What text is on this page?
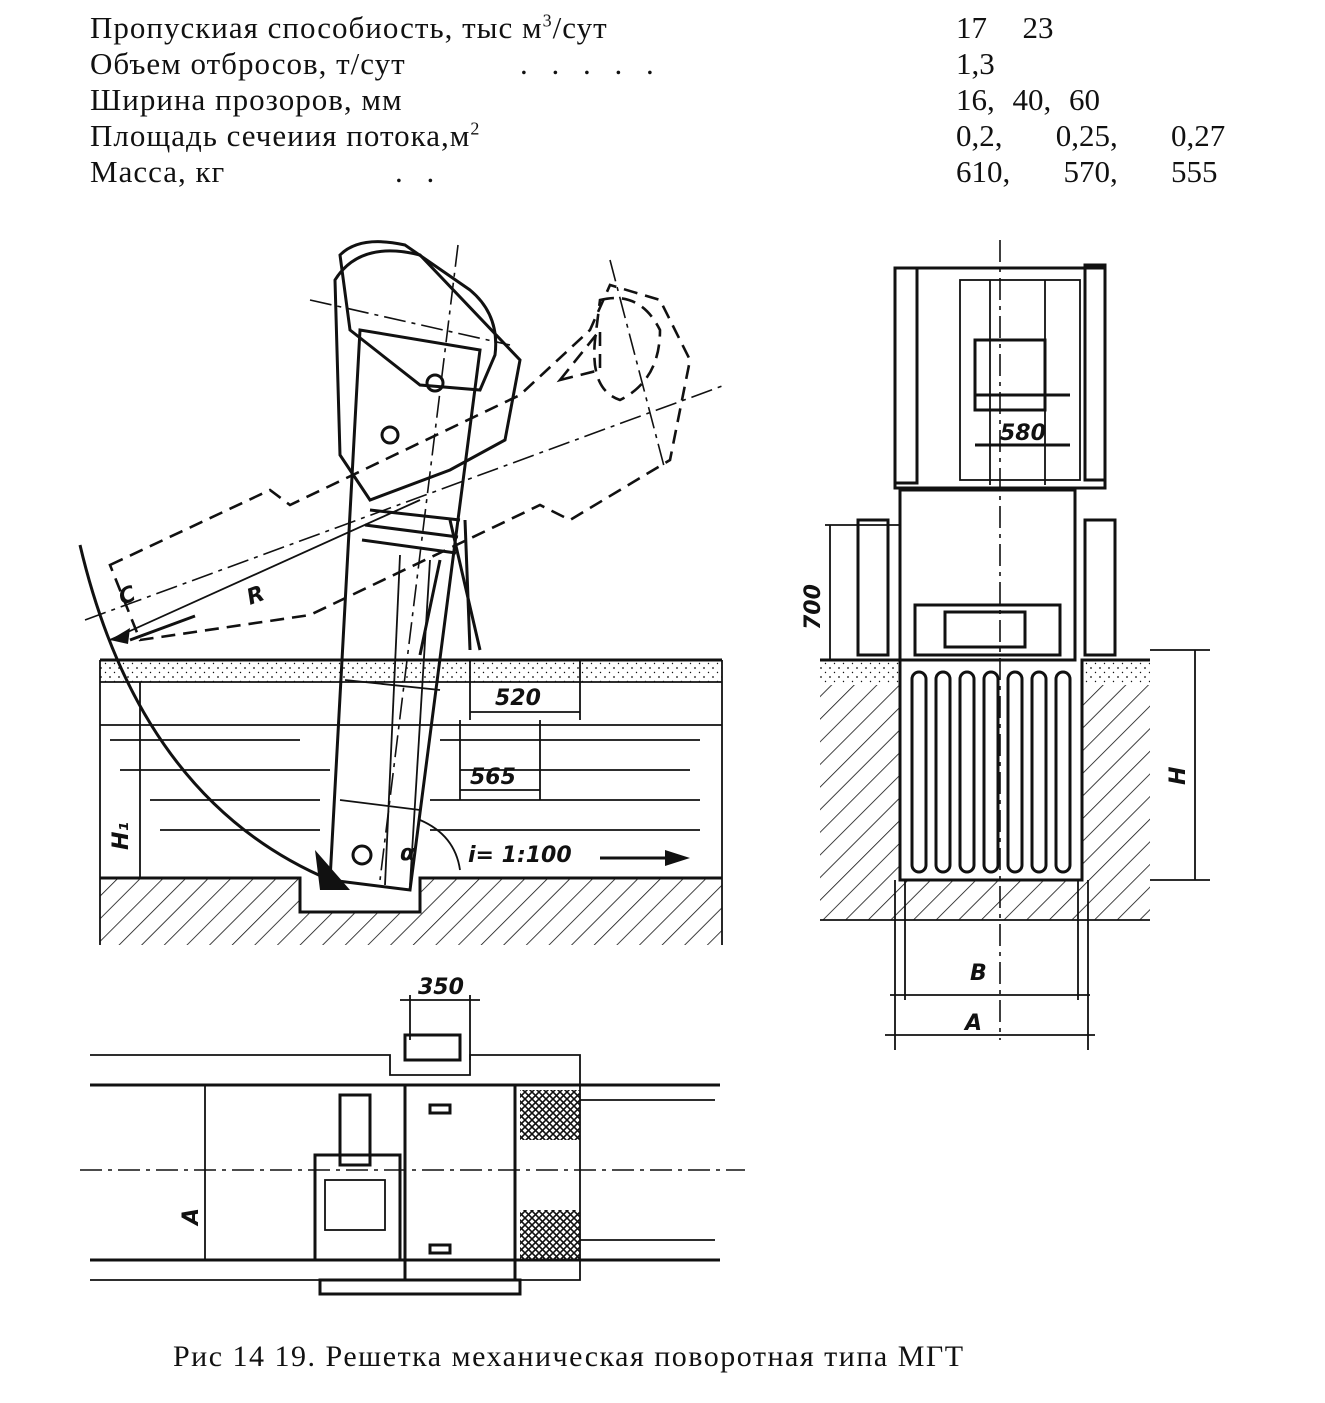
Пропускиая способиость, тыс $м^3$/сут	17  23
Объем отбросов, т/сут	. . . . .	1,3
Ширина прозоров, мм	16, 40, 60
Площадь сечеиия $потока,м^2$	0,2,   0,25,   0,27
Масса, кг	. .	610,   570,   555
α i= 1:100
R
C
H₁
520
565
580
700
H
B
A
A
350
Рис 14 19. Решетка механическая поворотная типа МГТ
